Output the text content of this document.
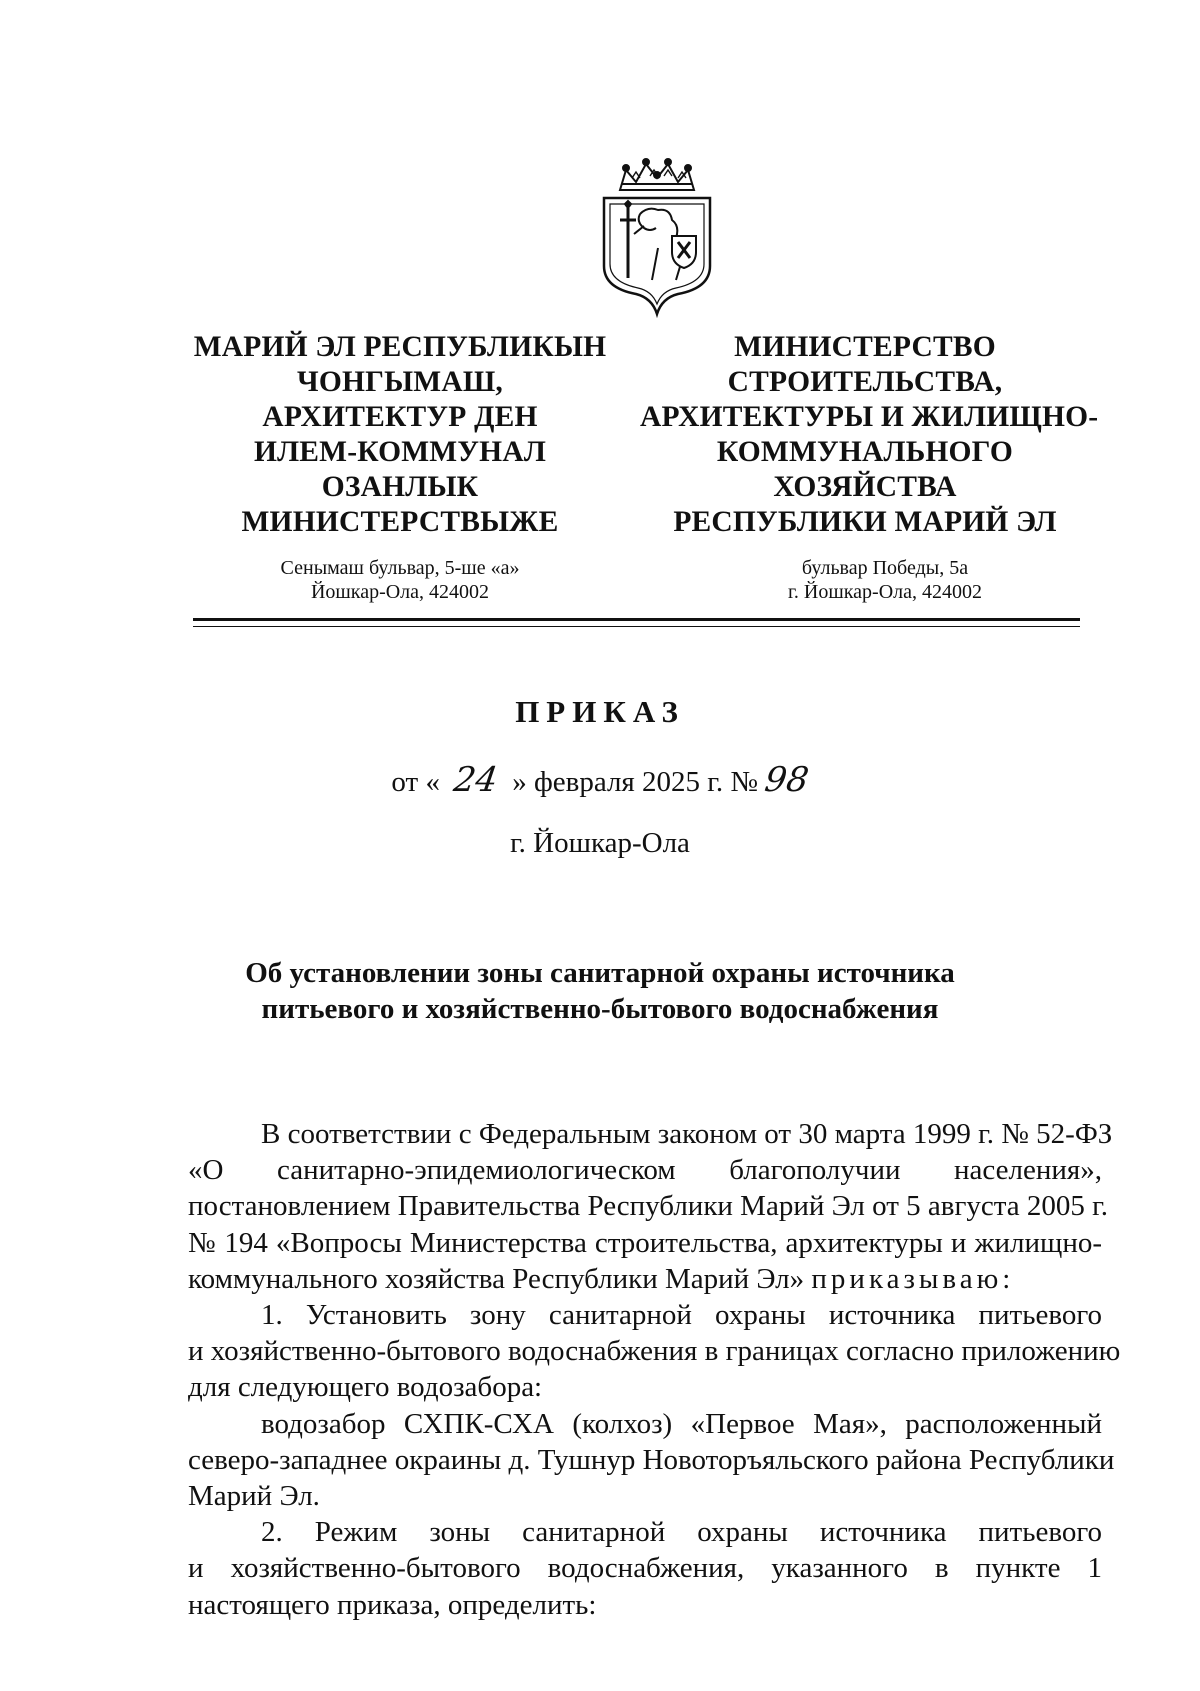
МАРИЙ ЭЛ РЕСПУБЛИКЫН
ЧОНГЫМАШ,
АРХИТЕКТУР ДЕН
ИЛЕМ-КОММУНАЛ
ОЗАНЛЫК
МИНИСТЕРСТВЫЖЕ
МИНИСТЕРСТВО
СТРОИТЕЛЬСТВА,
АРХИТЕКТУРЫ И ЖИЛИЩНО-
КОММУНАЛЬНОГО
ХОЗЯЙСТВА
РЕСПУБЛИКИ МАРИЙ ЭЛ
Сенымаш бульвар, 5-ше «а»
Йошкар-Ола, 424002
бульвар Победы, 5а
г. Йошкар-Ола, 424002
ПРИКАЗ
от « 24 » февраля 2025 г. № 98
г. Йошкар-Ола
Об установлении зоны санитарной охраны источника
питьевого и хозяйственно-бытового водоснабжения
В соответствии с Федеральным законом от 30 марта 1999 г. № 52-ФЗ
«О санитарно-эпидемиологическом благополучии населения»,
постановлением Правительства Республики Марий Эл от 5 августа 2005 г.
№ 194 «Вопросы Министерства строительства, архитектуры и жилищно-
коммунального хозяйства Республики Марий Эл» приказываю:
1. Установить зону санитарной охраны источника питьевого
и хозяйственно-бытового водоснабжения в границах согласно приложению
для следующего водозабора:
водозабор СХПК-СХА (колхоз) «Первое Мая», расположенный
северо-западнее окраины д. Тушнур Новоторъяльского района Республики
Марий Эл.
2. Режим зоны санитарной охраны источника питьевого
и хозяйственно-бытового водоснабжения, указанного в пункте 1
настоящего приказа, определить:
